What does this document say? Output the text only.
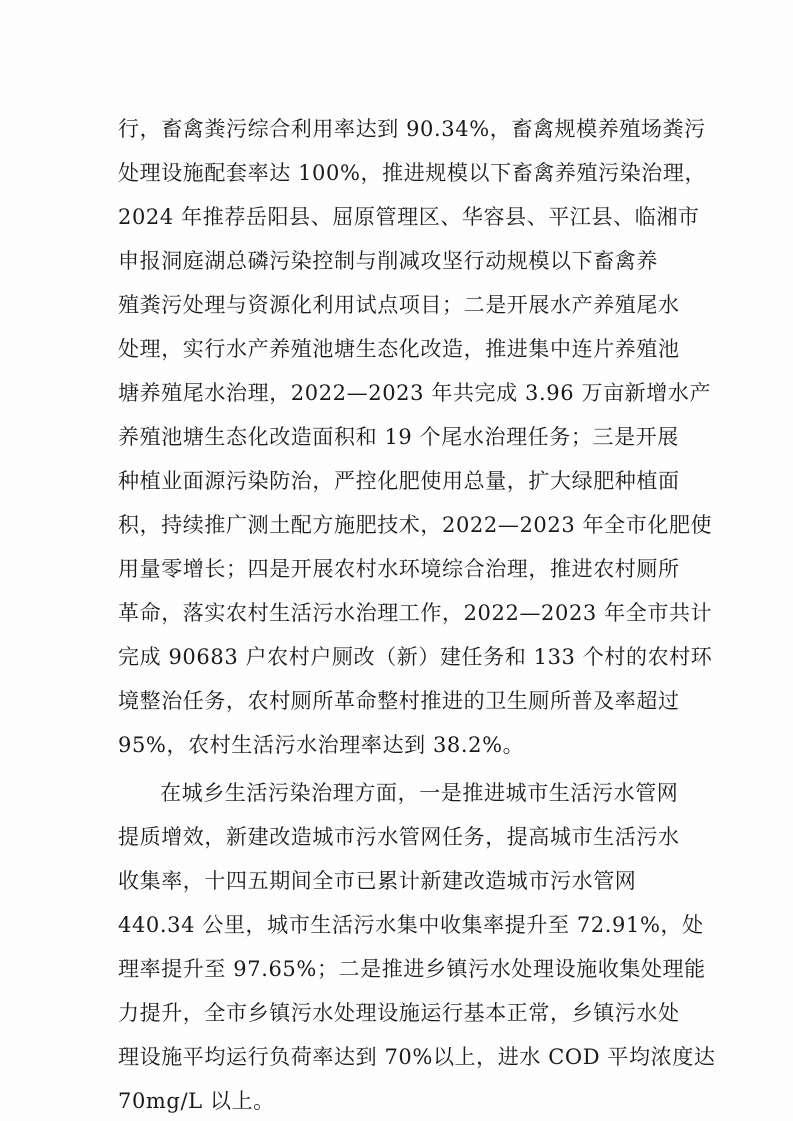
行，畜禽粪污综合利用率达到 90.34%，畜禽规模养殖场粪污
处理设施配套率达 100%，推进规模以下畜禽养殖污染治理，
2024 年推荐岳阳县、屈原管理区、华容县、平江县、临湘市
申报洞庭湖总磷污染控制与削减攻坚行动规模以下畜禽养
殖粪污处理与资源化利用试点项目；二是开展水产养殖尾水
处理，实行水产养殖池塘生态化改造，推进集中连片养殖池
塘养殖尾水治理，2022—2023 年共完成 3.96 万亩新增水产
养殖池塘生态化改造面积和 19 个尾水治理任务；三是开展
种植业面源污染防治，严控化肥使用总量，扩大绿肥种植面
积，持续推广测土配方施肥技术，2022—2023 年全市化肥使
用量零增长；四是开展农村水环境综合治理，推进农村厕所
革命，落实农村生活污水治理工作，2022—2023 年全市共计
完成 90683 户农村户厕改（新）建任务和 133 个村的农村环
境整治任务，农村厕所革命整村推进的卫生厕所普及率超过
95%，农村生活污水治理率达到 38.2%。
在城乡生活污染治理方面，一是推进城市生活污水管网
提质增效，新建改造城市污水管网任务，提高城市生活污水
收集率，十四五期间全市已累计新建改造城市污水管网
440.34 公里，城市生活污水集中收集率提升至 72.91%，处
理率提升至 97.65%；二是推进乡镇污水处理设施收集处理能
力提升，全市乡镇污水处理设施运行基本正常，乡镇污水处
理设施平均运行负荷率达到 70%以上，进水 COD 平均浓度达
70mg/L 以上。
